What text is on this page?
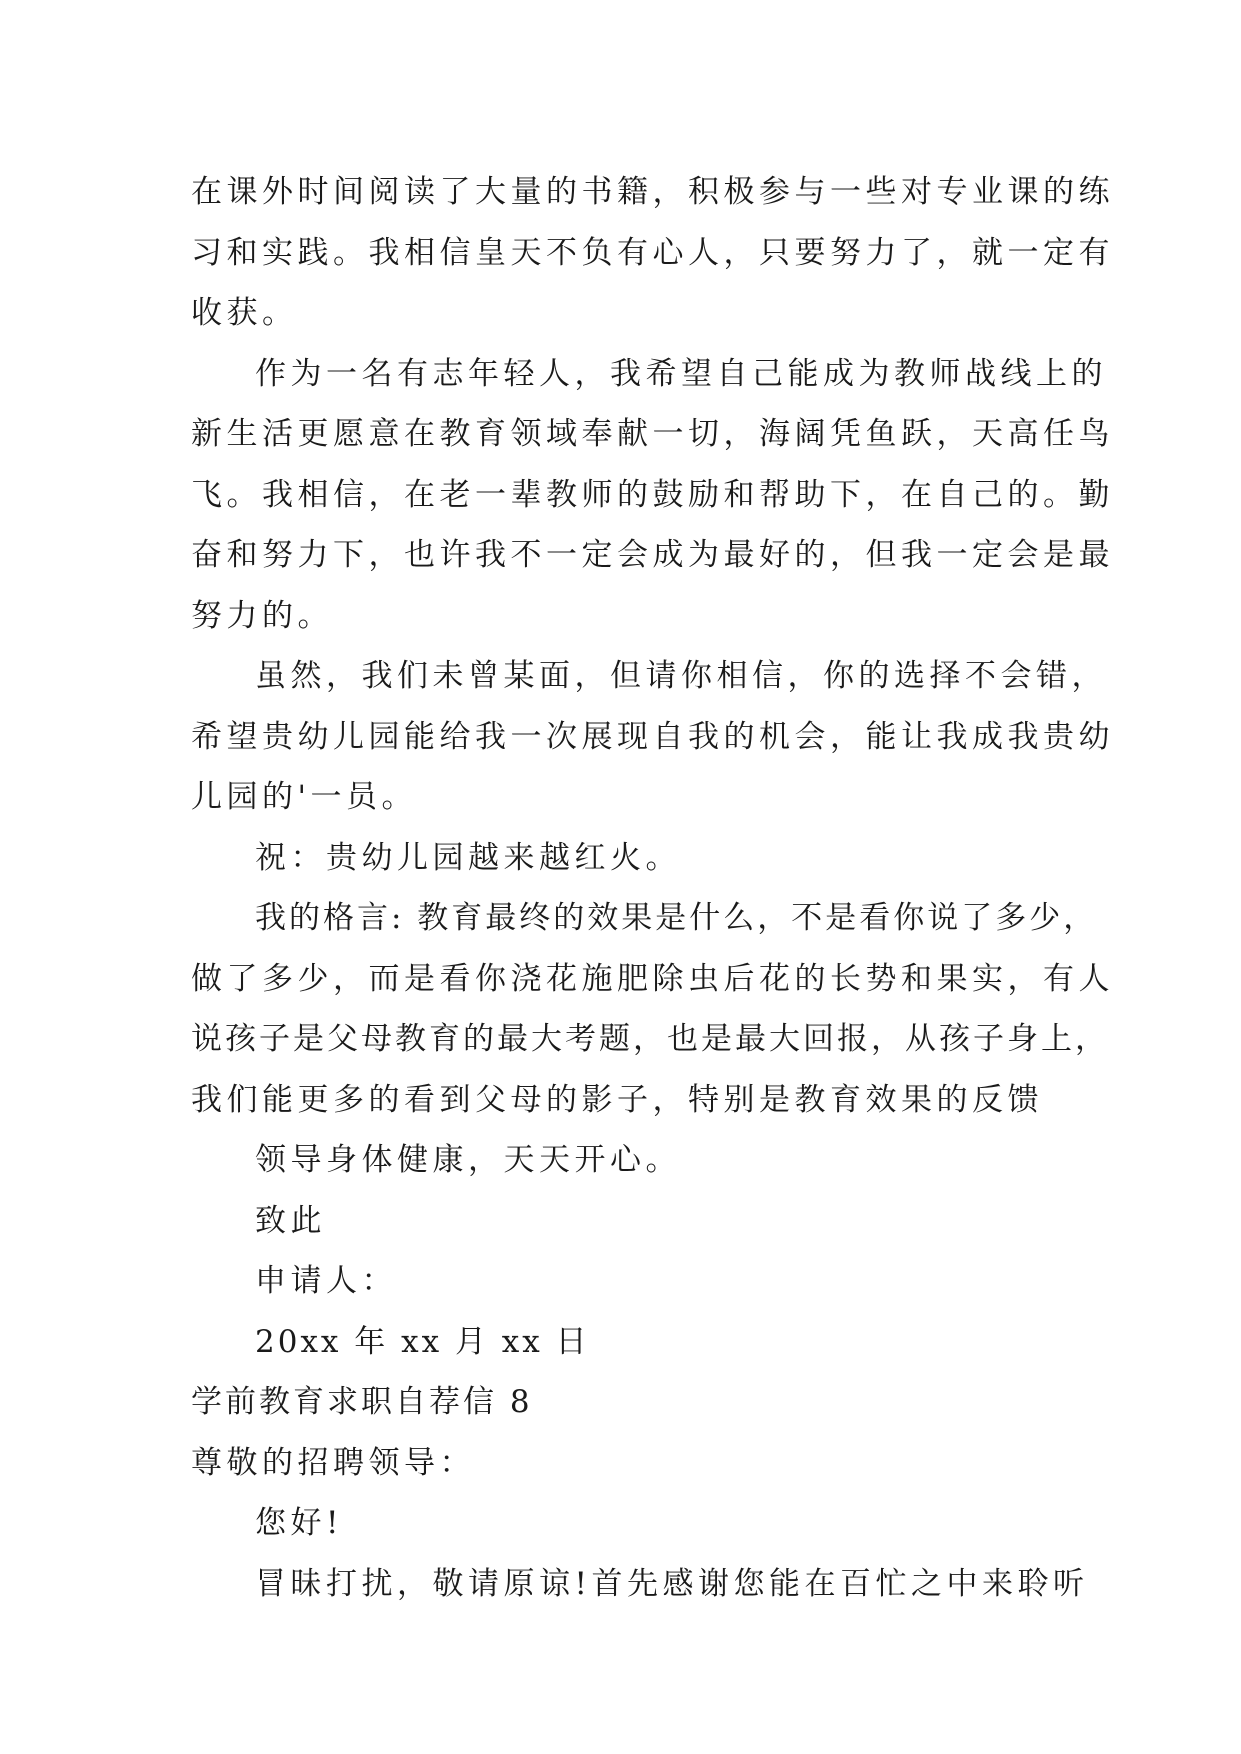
在课外时间阅读了大量的书籍，积极参与一些对专业课的练
习和实践。我相信皇天不负有心人，只要努力了，就一定有
收获。
作为一名有志年轻人，我希望自己能成为教师战线上的
新生活更愿意在教育领域奉献一切，海阔凭鱼跃，天高任鸟
飞。我相信，在老一辈教师的鼓励和帮助下，在自己的。勤
奋和努力下，也许我不一定会成为最好的，但我一定会是最
努力的。
虽然，我们未曾某面，但请你相信，你的选择不会错，
希望贵幼儿园能给我一次展现自我的机会，能让我成我贵幼
儿园的'一员。
祝：贵幼儿园越来越红火。
我的格言: 教育最终的效果是什么，不是看你说了多少，
做了多少，而是看你浇花施肥除虫后花的长势和果实，有人
说孩子是父母教育的最大考题，也是最大回报，从孩子身上，
我们能更多的看到父母的影子，特别是教育效果的反馈
领导身体健康，天天开心。
致此
申请人：
20xx 年 xx 月 xx 日
学前教育求职自荐信 8
尊敬的招聘领导：
您好!
冒昧打扰，敬请原谅!首先感谢您能在百忙之中来聆听
